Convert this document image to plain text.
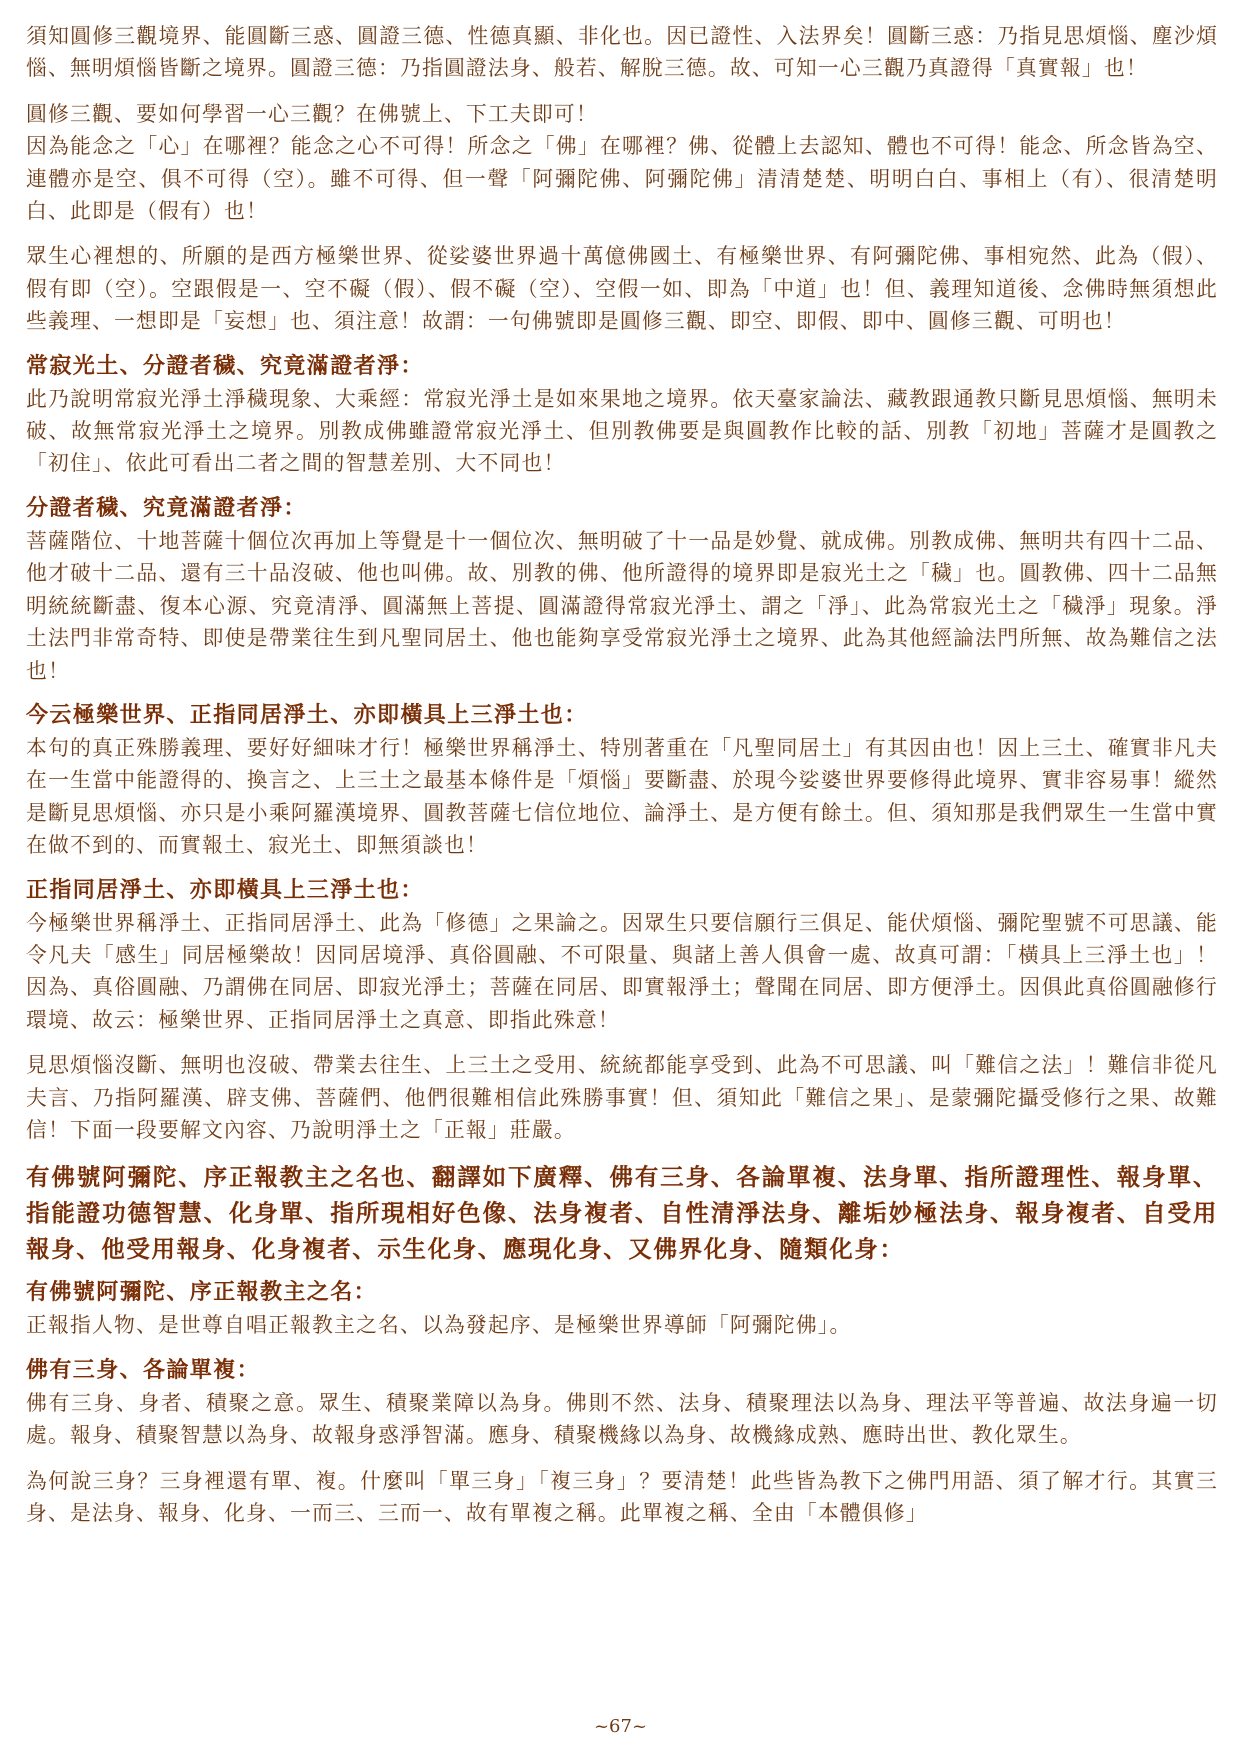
須知圓修三觀境界、能圓斷三惑、圓證三德、性德真顯、非化也。因已證性、入法界矣！圓斷三惑：乃指見思煩惱、塵沙煩惱、無明煩惱皆斷之境界。圓證三德：乃指圓證法身、般若、解脫三德。故、可知一心三觀乃真證得「真實報」也！

圓修三觀、要如何學習一心三觀？在佛號上、下工夫即可！

因為能念之「心」在哪裡？能念之心不可得！所念之「佛」在哪裡？佛、從體上去認知、體也不可得！能念、所念皆為空、連體亦是空、俱不可得（空）。雖不可得、但一聲「阿彌陀佛、阿彌陀佛」清清楚楚、明明白白、事相上（有）、很清楚明白、此即是（假有）也！

眾生心裡想的、所願的是西方極樂世界、從娑婆世界過十萬億佛國土、有極樂世界、有阿彌陀佛、事相宛然、此為（假）、假有即（空）。空跟假是一、空不礙（假）、假不礙（空）、空假一如、即為「中道」也！但、義理知道後、念佛時無須想此些義理、一想即是「妄想」也、須注意！故謂：一句佛號即是圓修三觀、即空、即假、即中、圓修三觀、可明也！

常寂光土、分證者穢、究竟滿證者淨：

此乃說明常寂光淨土淨穢現象、大乘經：常寂光淨土是如來果地之境界。依天臺家論法、藏教跟通教只斷見思煩惱、無明未破、故無常寂光淨土之境界。別教成佛雖證常寂光淨土、但別教佛要是與圓教作比較的話、別教「初地」菩薩才是圓教之「初住」、依此可看出二者之間的智慧差別、大不同也！

分證者穢、究竟滿證者淨：

菩薩階位、十地菩薩十個位次再加上等覺是十一個位次、無明破了十一品是妙覺、就成佛。別教成佛、無明共有四十二品、他才破十二品、還有三十品沒破、他也叫佛。故、別教的佛、他所證得的境界即是寂光土之「穢」也。圓教佛、四十二品無明統統斷盡、復本心源、究竟清淨、圓滿無上菩提、圓滿證得常寂光淨土、謂之「淨」、此為常寂光土之「穢淨」現象。淨土法門非常奇特、即使是帶業往生到凡聖同居土、他也能夠享受常寂光淨土之境界、此為其他經論法門所無、故為難信之法也！

今云極樂世界、正指同居淨土、亦即橫具上三淨土也：

本句的真正殊勝義理、要好好細味才行！極樂世界稱淨土、特別著重在「凡聖同居土」有其因由也！因上三土、確實非凡夫在一生當中能證得的、換言之、上三土之最基本條件是「煩惱」要斷盡、於現今娑婆世界要修得此境界、實非容易事！縱然是斷見思煩惱、亦只是小乘阿羅漢境界、圓教菩薩七信位地位、論淨土、是方便有餘土。但、須知那是我們眾生一生當中實在做不到的、而實報土、寂光土、即無須談也！

正指同居淨土、亦即橫具上三淨土也：

今極樂世界稱淨土、正指同居淨土、此為「修德」之果論之。因眾生只要信願行三俱足、能伏煩惱、彌陀聖號不可思議、能令凡夫「感生」同居極樂故！因同居境淨、真俗圓融、不可限量、與諸上善人俱會一處、故真可謂：「橫具上三淨土也」！因為、真俗圓融、乃謂佛在同居、即寂光淨土；菩薩在同居、即實報淨土；聲聞在同居、即方便淨土。因俱此真俗圓融修行環境、故云：極樂世界、正指同居淨土之真意、即指此殊意！

見思煩惱沒斷、無明也沒破、帶業去往生、上三土之受用、統統都能享受到、此為不可思議、叫「難信之法」！難信非從凡夫言、乃指阿羅漢、辟支佛、菩薩們、他們很難相信此殊勝事實！但、須知此「難信之果」、是蒙彌陀攝受修行之果、故難信！下面一段要解文內容、乃說明淨土之「正報」莊嚴。

有佛號阿彌陀、序正報教主之名也、翻譯如下廣釋、佛有三身、各論單複、法身單、指所證理性、報身單、指能證功德智慧、化身單、指所現相好色像、法身複者、自性清淨法身、離垢妙極法身、報身複者、自受用報身、他受用報身、化身複者、示生化身、應現化身、又佛界化身、隨類化身：
有佛號阿彌陀、序正報教主之名：

正報指人物、是世尊自唱正報教主之名、以為發起序、是極樂世界導師「阿彌陀佛」。

佛有三身、各論單複：

佛有三身、身者、積聚之意。眾生、積聚業障以為身。佛則不然、法身、積聚理法以為身、理法平等普遍、故法身遍一切處。報身、積聚智慧以為身、故報身惑淨智滿。應身、積聚機緣以為身、故機緣成熟、應時出世、教化眾生。

為何說三身？三身裡還有單、複。什麼叫「單三身」「複三身」？要清楚！此些皆為教下之佛門用語、須了解才行。其實三身、是法身、報身、化身、一而三、三而一、故有單複之稱。此單複之稱、全由「本體俱修」

~67~
